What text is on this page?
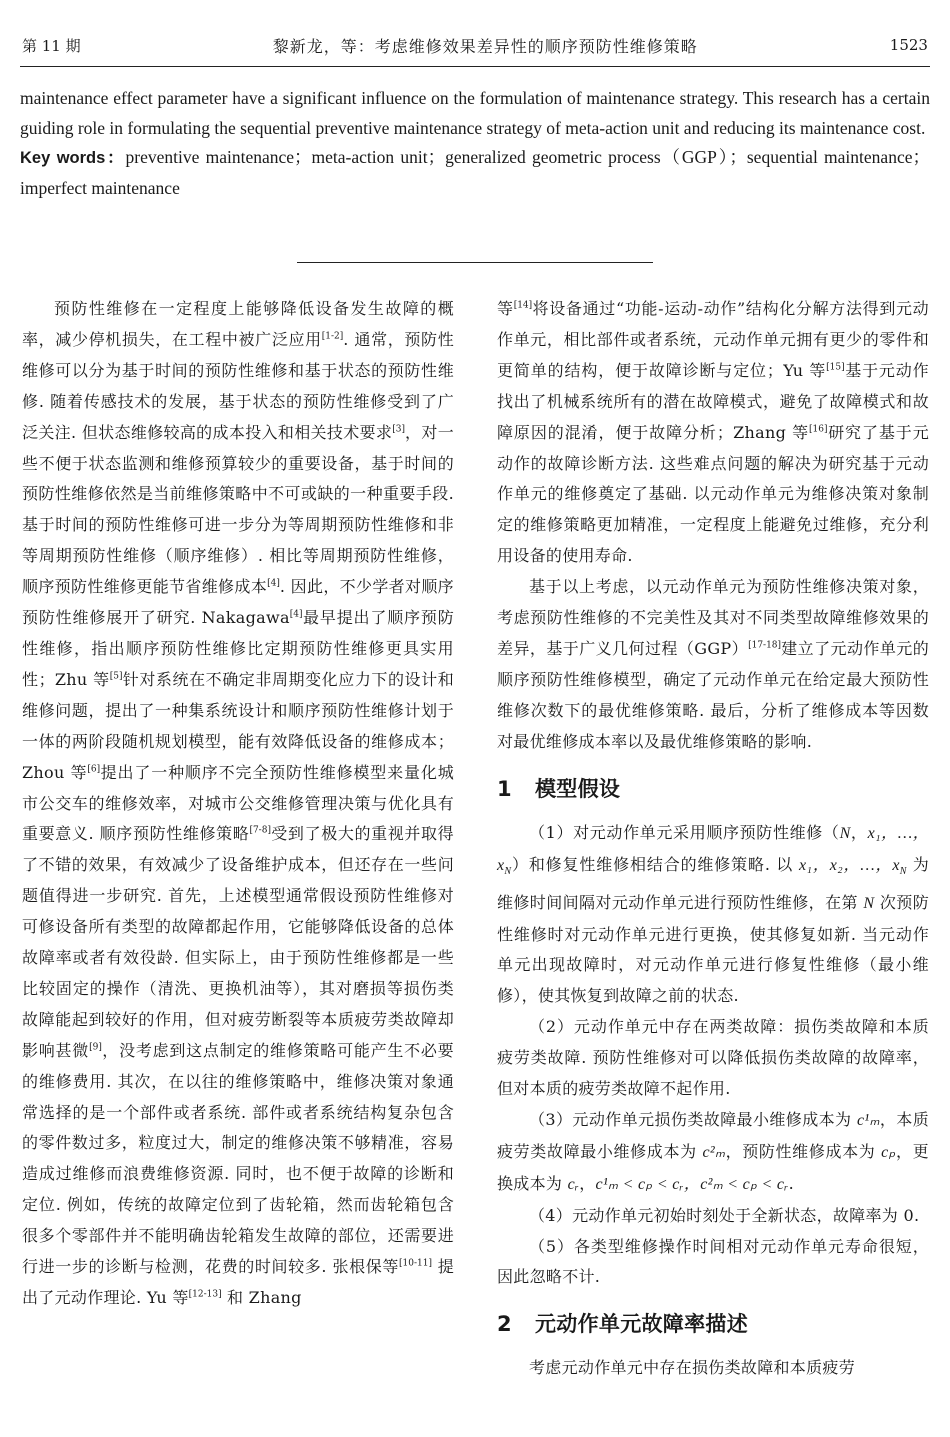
第 11 期	黎新龙，等：考虑维修效果差异性的顺序预防性维修策略	1523

maintenance effect parameter have a significant influence on the formulation of maintenance strategy. This research has a certain guiding role in formulating the sequential preventive maintenance strategy of meta-action unit and reducing its maintenance cost.

Key words：preventive maintenance；meta-action unit；generalized geometric process（GGP）；sequential maintenance；imperfect maintenance

预防性维修在一定程度上能够降低设备发生故障的概率，减少停机损失，在工程中被广泛应用[1-2]. 通常，预防性维修可以分为基于时间的预防性维修和基于状态的预防性维修. 随着传感技术的发展，基于状态的预防性维修受到了广泛关注. 但状态维修较高的成本投入和相关技术要求[3]，对一些不便于状态监测和维修预算较少的重要设备，基于时间的预防性维修依然是当前维修策略中不可或缺的一种重要手段. 基于时间的预防性维修可进一步分为等周期预防性维修和非等周期预防性维修（顺序维修）. 相比等周期预防性维修，顺序预防性维修更能节省维修成本[4]. 因此，不少学者对顺序预防性维修展开了研究. Nakagawa[4]最早提出了顺序预防性维修，指出顺序预防性维修比定期预防性维修更具实用性；Zhu 等[5]针对系统在不确定非周期变化应力下的设计和维修问题，提出了一种集系统设计和顺序预防性维修计划于一体的两阶段随机规划模型，能有效降低设备的维修成本；Zhou 等[6]提出了一种顺序不完全预防性维修模型来量化城市公交车的维修效率，对城市公交维修管理决策与优化具有重要意义. 顺序预防性维修策略[7-8]受到了极大的重视并取得了不错的效果，有效减少了设备维护成本，但还存在一些问题值得进一步研究. 首先，上述模型通常假设预防性维修对可修设备所有类型的故障都起作用，它能够降低设备的总体故障率或者有效役龄. 但实际上，由于预防性维修都是一些比较固定的操作（清洗、更换机油等），其对磨损等损伤类故障能起到较好的作用，但对疲劳断裂等本质疲劳类故障却影响甚微[9]，没考虑到这点制定的维修策略可能产生不必要的维修费用. 其次，在以往的维修策略中，维修决策对象通常选择的是一个部件或者系统. 部件或者系统结构复杂包含的零件数过多，粒度过大，制定的维修决策不够精准，容易造成过维修而浪费维修资源. 同时，也不便于故障的诊断和定位. 例如，传统的故障定位到了齿轮箱，然而齿轮箱包含很多个零部件并不能明确齿轮箱发生故障的部位，还需要进行进一步的诊断与检测，花费的时间较多. 张根保等[10-11] 提出了元动作理论. Yu 等[12-13] 和 Zhang

等[14]将设备通过“功能-运动-动作”结构化分解方法得到元动作单元，相比部件或者系统，元动作单元拥有更少的零件和更简单的结构，便于故障诊断与定位；Yu 等[15]基于元动作找出了机械系统所有的潜在故障模式，避免了故障模式和故障原因的混淆，便于故障分析；Zhang 等[16]研究了基于元动作的故障诊断方法. 这些难点问题的解决为研究基于元动作单元的维修奠定了基础. 以元动作单元为维修决策对象制定的维修策略更加精准，一定程度上能避免过维修，充分利用设备的使用寿命.

基于以上考虑，以元动作单元为预防性维修决策对象，考虑预防性维修的不完美性及其对不同类型故障维修效果的差异，基于广义几何过程（GGP）[17-18]建立了元动作单元的顺序预防性维修模型，确定了元动作单元在给定最大预防性维修次数下的最优维修策略. 最后，分析了维修成本等因数对最优维修成本率以及最优维修策略的影响.

1 模型假设

（1）对元动作单元采用顺序预防性维修（N，x₁，…，$x_N$）和修复性维修相结合的维修策略. 以 x₁，x₂，…，$x_N$ 为维修时间间隔对元动作单元进行预防性维修，在第 N 次预防性维修时对元动作单元进行更换，使其修复如新. 当元动作单元出现故障时，对元动作单元进行修复性维修（最小维修），使其恢复到故障之前的状态.

（2）元动作单元中存在两类故障：损伤类故障和本质疲劳类故障. 预防性维修对可以降低损伤类故障的故障率，但对本质的疲劳类故障不起作用.

（3）元动作单元损伤类故障最小维修成本为 c¹ₘ，本质疲劳类故障最小维修成本为 c²ₘ，预防性维修成本为 cₚ，更换成本为 cᵣ，c¹ₘ < cₚ < cᵣ，c²ₘ < cₚ < cᵣ.

（4）元动作单元初始时刻处于全新状态，故障率为 0.

（5）各类型维修操作时间相对元动作单元寿命很短，因此忽略不计.

2 元动作单元故障率描述

考虑元动作单元中存在损伤类故障和本质疲劳
